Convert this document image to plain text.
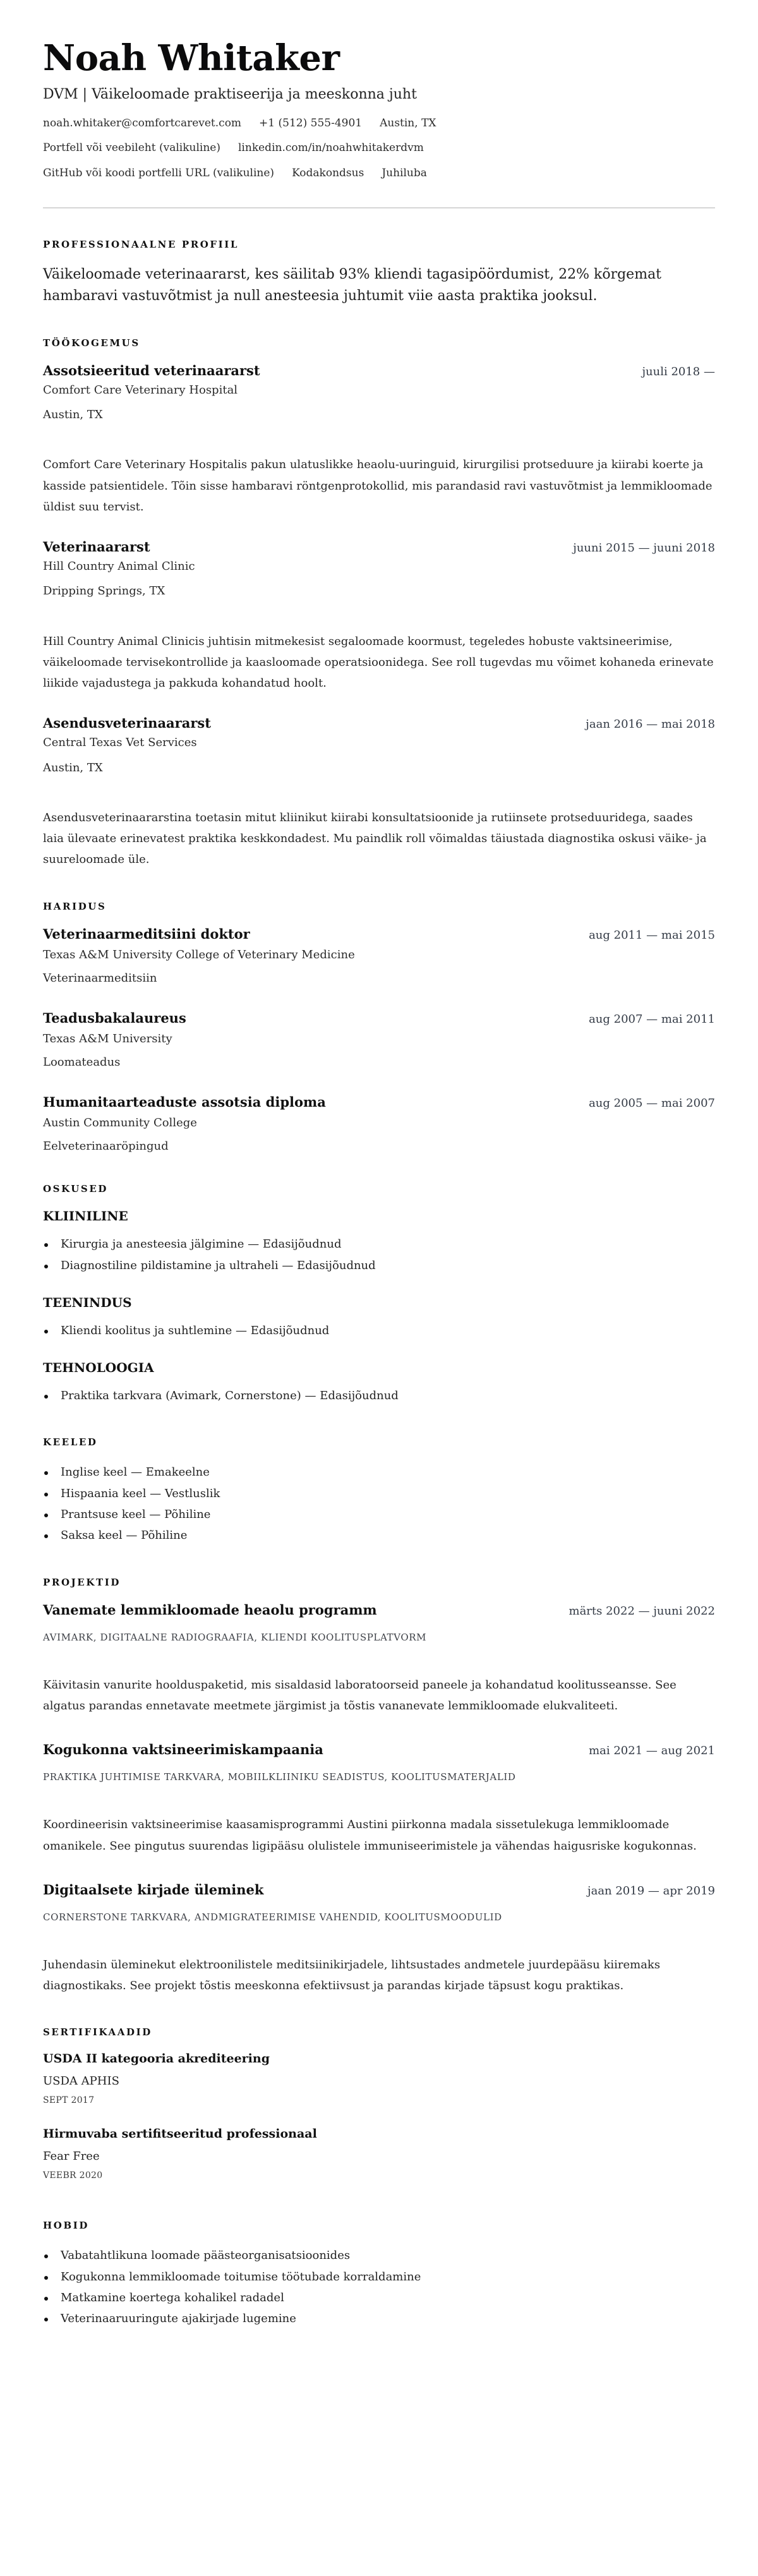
Noah Whitaker
DVM | Väikeloomade praktiseerija ja meeskonna juht
noah.whitaker@comfortcarevet.com +1 (512) 555-4901 Austin, TX
Portfell või veebileht (valikuline) linkedin.com/in/noahwhitakerdvm
GitHub või koodi portfelli URL (valikuline) Kodakondsus Juhiluba
PROFESSIONAALNE PROFIIL

Väikeloomade veterinaararst, kes säilitab 93% kliendi tagasipöördumist, 22% kõrgemat hambaravi vastuvõtmist ja null anesteesia juhtumit viie aasta praktika jooksul.

TÖÖKOGEMUS
Assotsieeritud veterinaararst	juuli 2018 —
Comfort Care Veterinary Hospital
Austin, TX

Comfort Care Veterinary Hospitalis pakun ulatuslikke heaolu-uuringuid, kirurgilisi protseduure ja kiirabi koerte ja kasside patsientidele. Tõin sisse hambaravi röntgenprotokollid, mis parandasid ravi vastuvõtmist ja lemmikloomade üldist suu tervist.

Veterinaararst	juuni 2015 — juuni 2018
Hill Country Animal Clinic
Dripping Springs, TX

Hill Country Animal Clinicis juhtisin mitmekesist segaloomade koormust, tegeledes hobuste vaktsineerimise, väikeloomade tervisekontrollide ja kaasloomade operatsioonidega. See roll tugevdas mu võimet kohaneda erinevate liikide vajadustega ja pakkuda kohandatud hoolt.

Asendusveterinaararst	jaan 2016 — mai 2018
Central Texas Vet Services
Austin, TX

Asendusveterinaararstina toetasin mitut kliinikut kiirabi konsultatsioonide ja rutiinsete protseduuridega, saades laia ülevaate erinevatest praktika keskkondadest. Mu paindlik roll võimaldas täiustada diagnostika oskusi väike- ja suureloomade üle.

HARIDUS
Veterinaarmeditsiini doktor	aug 2011 — mai 2015
Texas A&M University College of Veterinary Medicine
Veterinaarmeditsiin
Teadusbakalaureus	aug 2007 — mai 2011
Texas A&M University
Loomateadus
Humanitaarteaduste assotsia diploma	aug 2005 — mai 2007
Austin Community College
Eelveterinaaröpingud
OSKUSED
KLIINILINE
Kirurgia ja anesteesia jälgimine — Edasijõudnud
Diagnostiline pildistamine ja ultraheli — Edasijõudnud
TEENINDUS
Kliendi koolitus ja suhtlemine — Edasijõudnud
TEHNOLOOGIA
Praktika tarkvara (Avimark, Cornerstone) — Edasijõudnud
KEELED
Inglise keel — Emakeelne
Hispaania keel — Vestluslik
Prantsuse keel — Põhiline
Saksa keel — Põhiline
PROJEKTID
Vanemate lemmikloomade heaolu programm	märts 2022 — juuni 2022
AVIMARK, DIGITAALNE RADIOGRAAFIA, KLIENDI KOOLITUSPLATVORM

Käivitasin vanurite hoolduspaketid, mis sisaldasid laboratoorseid paneele ja kohandatud koolitusseansse. See algatus parandas ennetavate meetmete järgimist ja tõstis vananevate lemmikloomade elukvaliteeti.

Kogukonna vaktsineerimiskampaania	mai 2021 — aug 2021
PRAKTIKA JUHTIMISE TARKVARA, MOBIILKLIINIKU SEADISTUS, KOOLITUSMATERJALID

Koordineerisin vaktsineerimise kaasamisprogrammi Austini piirkonna madala sissetulekuga lemmikloomade omanikele. See pingutus suurendas ligipääsu olulistele immuniseerimistele ja vähendas haigusriske kogukonnas.

Digitaalsete kirjade üleminek	jaan 2019 — apr 2019
CORNERSTONE TARKVARA, ANDMIGRATEERIMISE VAHENDID, KOOLITUSMOODULID

Juhendasin üleminekut elektroonilistele meditsiinikirjadele, lihtsustades andmetele juurdepääsu kiiremaks diagnostikaks. See projekt tõstis meeskonna efektiivsust ja parandas kirjade täpsust kogu praktikas.

SERTIFIKAADID
USDA II kategooria akrediteering
USDA APHIS
SEPT 2017
Hirmuvaba sertifitseeritud professionaal
Fear Free
VEEBR 2020
HOBID
Vabatahtlikuna loomade päästeorganisatsioonides
Kogukonna lemmikloomade toitumise töötubade korraldamine
Matkamine koertega kohalikel radadel
Veterinaaruuringute ajakirjade lugemine
